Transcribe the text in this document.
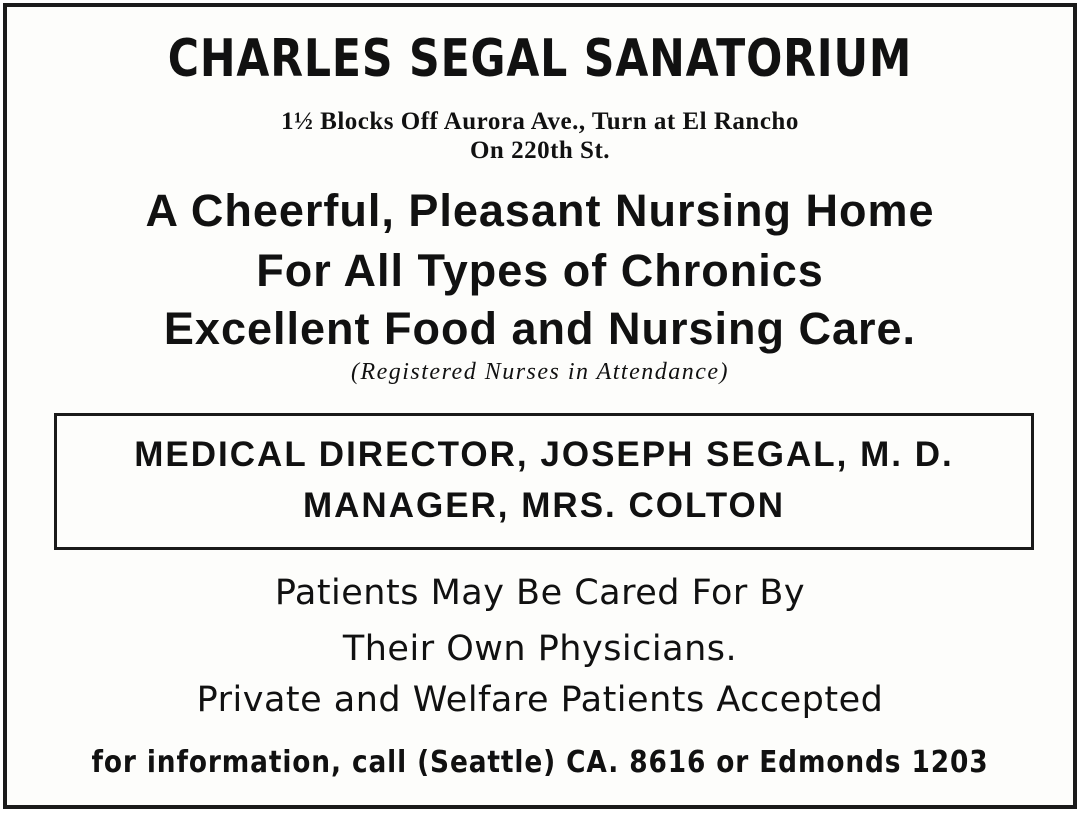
CHARLES SEGAL SANATORIUM
1½ Blocks Off Aurora Ave., Turn at El Rancho
On 220th St.
A Cheerful, Pleasant Nursing Home
For All Types of Chronics
Excellent Food and Nursing Care.
(Registered Nurses in Attendance)
MEDICAL DIRECTOR, JOSEPH SEGAL, M. D.
MANAGER, MRS. COLTON
Patients May Be Cared For By
Their Own Physicians.
Private and Welfare Patients Accepted
for information, call (Seattle) CA. 8616 or Edmonds 1203
